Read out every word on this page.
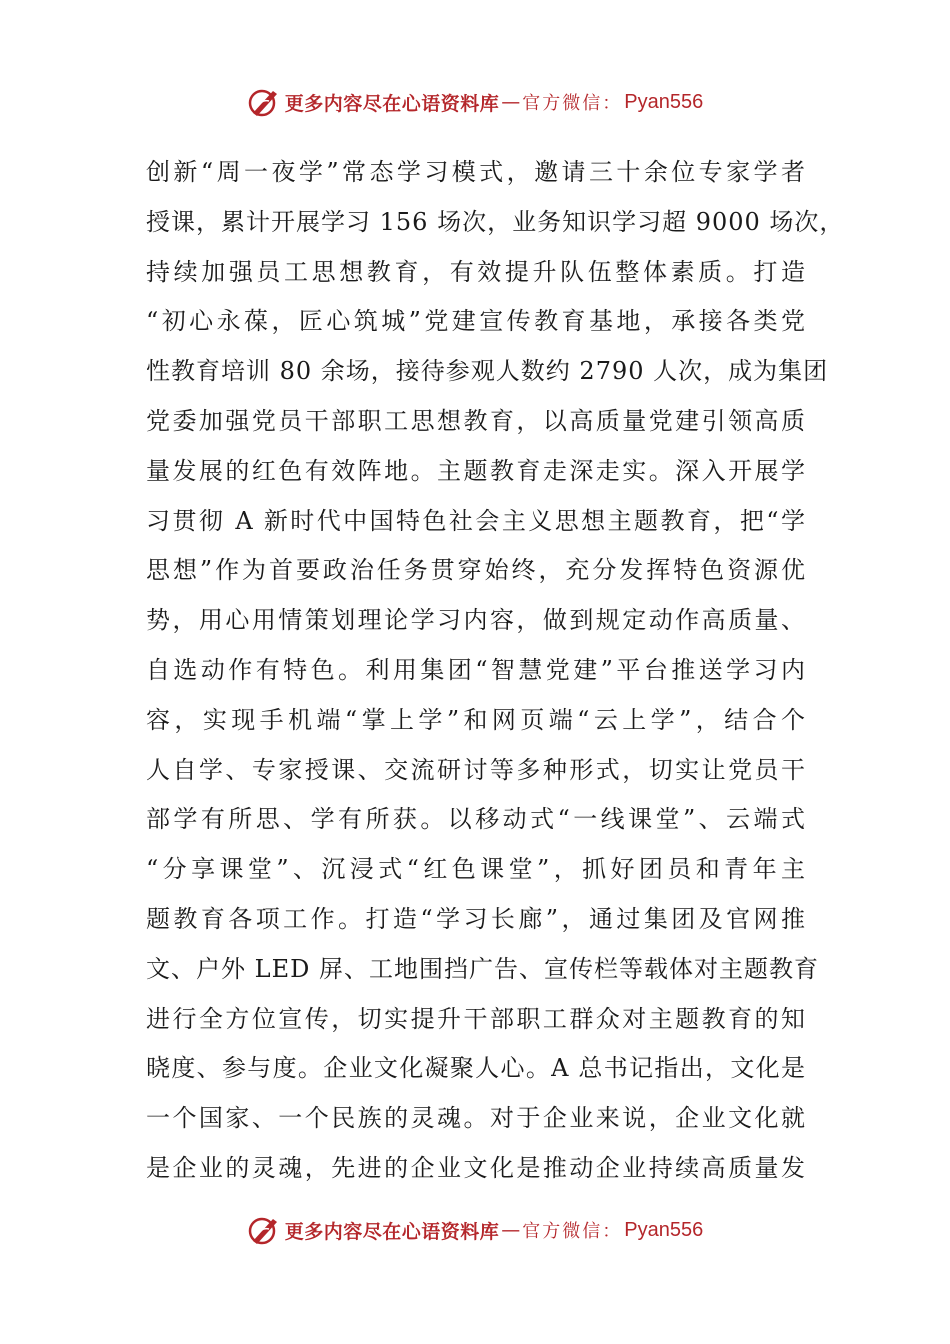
更多内容尽在心语资料库 — 官方微信： Pyan556
创新“周一夜学”常态学习模式，邀请三十余位专家学者
授课，累计开展学习 156 场次，业务知识学习超 9000 场次，
持续加强员工思想教育，有效提升队伍整体素质。打造
“初心永葆，匠心筑城”党建宣传教育基地，承接各类党
性教育培训 80 余场，接待参观人数约 2790 人次，成为集团
党委加强党员干部职工思想教育，以高质量党建引领高质
量发展的红色有效阵地。主题教育走深走实。深入开展学
习贯彻 A 新时代中国特色社会主义思想主题教育，把“学
思想”作为首要政治任务贯穿始终，充分发挥特色资源优
势，用心用情策划理论学习内容，做到规定动作高质量、
自选动作有特色。利用集团“智慧党建”平台推送学习内
容，实现手机端“掌上学”和网页端“云上学”，结合个
人自学、专家授课、交流研讨等多种形式，切实让党员干
部学有所思、学有所获。以移动式“一线课堂”、云端式
“分享课堂”、沉浸式“红色课堂”，抓好团员和青年主
题教育各项工作。打造“学习长廊”，通过集团及官网推
文、户外 LED 屏、工地围挡广告、宣传栏等载体对主题教育
进行全方位宣传，切实提升干部职工群众对主题教育的知
晓度、参与度。企业文化凝聚人心。A 总书记指出，文化是
一个国家、一个民族的灵魂。对于企业来说，企业文化就
是企业的灵魂，先进的企业文化是推动企业持续高质量发
更多内容尽在心语资料库 — 官方微信： Pyan556
